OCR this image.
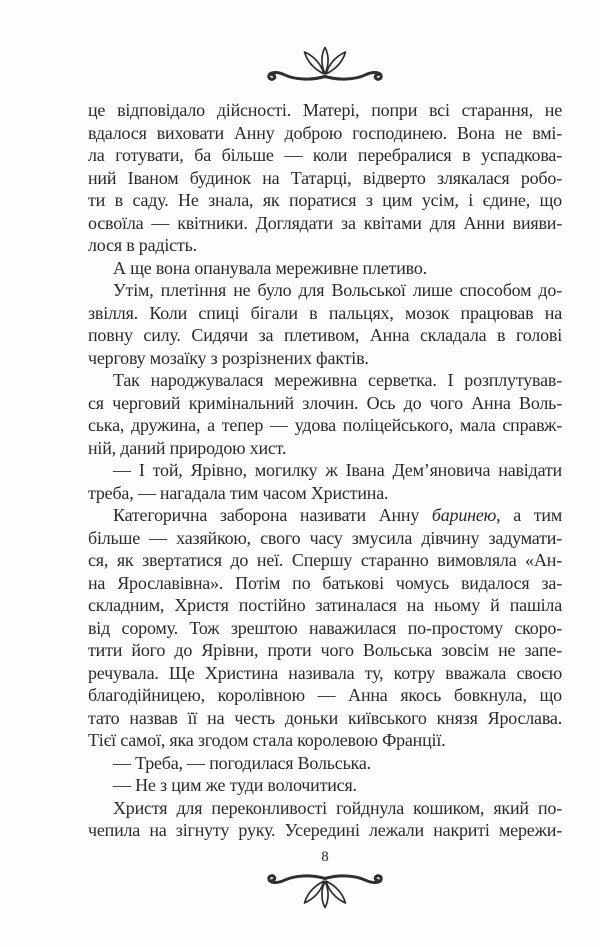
це відповідало дійсності. Матері, попри всі старання, не
вдалося виховати Анну доброю господинею. Вона не вмі-
ла готувати, ба більше — коли перебралися в успадкова-
ний Іваном будинок на Татарці, відверто злякалася робо-
ти в саду. Не знала, як поратися з цим усім, і єдине, що
освоїла — квітники. Доглядати за квітами для Анни вияви-
лося в радість.
А ще вона опанувала мереживне плетиво.
Утім, плетіння не було для Вольської лише способом до-
звілля. Коли спиці бігали в пальцях, мозок працював на
повну силу. Сидячи за плетивом, Анна складала в голові
чергову мозаїку з розрізнених фактів.
Так народжувалася мереживна серветка. І розплутував-
ся черговий кримінальний злочин. Ось до чого Анна Воль-
ська, дружина, а тепер — удова поліцейського, мала справж-
ній, даний природою хист.
— І той, Ярівно, могилку ж Івана Дем’яновича навідати
треба, — нагадала тим часом Христина.
Категорична заборона називати Анну баринею, а тим
більше — хазяйкою, свого часу змусила дівчину задумати-
ся, як звертатися до неї. Спершу старанно вимовляла «Ан-
на Ярославівна». Потім по батькові чомусь видалося за-
складним, Христя постійно затиналася на ньому й пашіла
від сорому. Тож зрештою наважилася по-простому скоро-
тити його до Ярівни, проти чого Вольська зовсім не запе-
речувала. Ще Христина називала ту, котру вважала своєю
благодійницею, королівною — Анна якось бовкнула, що
тато назвав її на честь доньки київського князя Ярослава.
Тієї самої, яка згодом стала королевою Франції.
— Треба, — погодилася Вольська.
— Не з цим же туди волочитися.
Христя для переконливості гойднула кошиком, який по-
чепила на зігнуту руку. Усередині лежали накриті мережи-
8
